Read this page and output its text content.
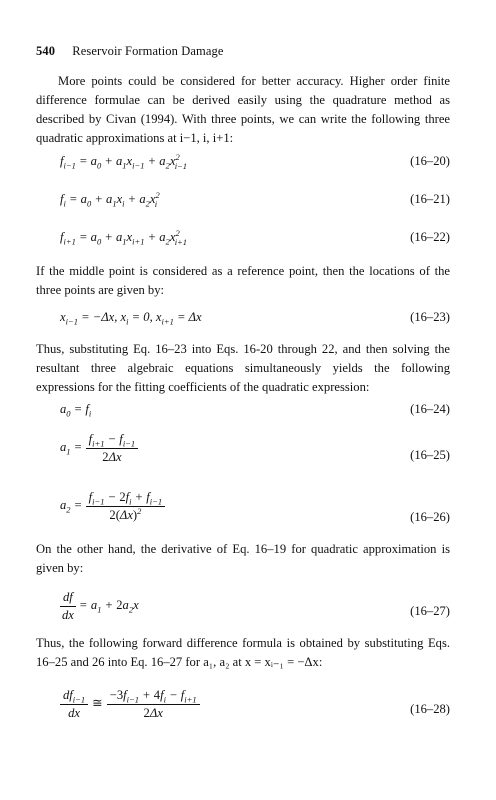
540 Reservoir Formation Damage

More points could be considered for better accuracy. Higher order finite difference formulae can be derived easily using the quadrature method as described by Civan (1994). With three points, we can write the following three quadratic approximations at i−1, i, i+1:

$f_{i-1} = a_0 + a_1x_{i-1} + a_2x^2_{i-1}$	(16–20)
$f_i = a_0 + a_1x_i + a_2x^2_i$	(16–21)
$f_{i+1} = a_0 + a_1x_{i+1} + a_2x^2_{i+1}$	(16–22)

If the middle point is considered as a reference point, then the locations of the three points are given by:

$x_{i-1} = -\Delta x$, $x_i = 0$, $x_{i+1} = \Delta x$	(16–23)

Thus, substituting Eq. 16–23 into Eqs. 16-20 through 22, and then solving the resultant three algebraic equations simultaneously yields the following expressions for the fitting coefficients of the quadratic expression:

$a_0 = f_i$	(16–24)
$a_1 = \frac{f_{i+1} - f_{i-1}}{2\Delta x}$	(16–25)
$a_2 = \frac{f_{i-1} - 2f_i + f_{i-1}}{2(\Delta x)^2}$	(16–26)

On the other hand, the derivative of Eq. 16–19 for quadratic approximation is given by:

$\frac{df}{dx} = a_1 + 2a_2x$	(16–27)

Thus, the following forward difference formula is obtained by substituting Eqs. 16–25 and 26 into Eq. 16–27 for a₁, a₂ at x = xᵢ₋₁ = −Δx:

$\frac{df_{i-1}}{dx}$ ≅ $\frac{-3f_{i-1} + 4f_i - f_{i+1}}{2\Delta x}$	(16–28)
